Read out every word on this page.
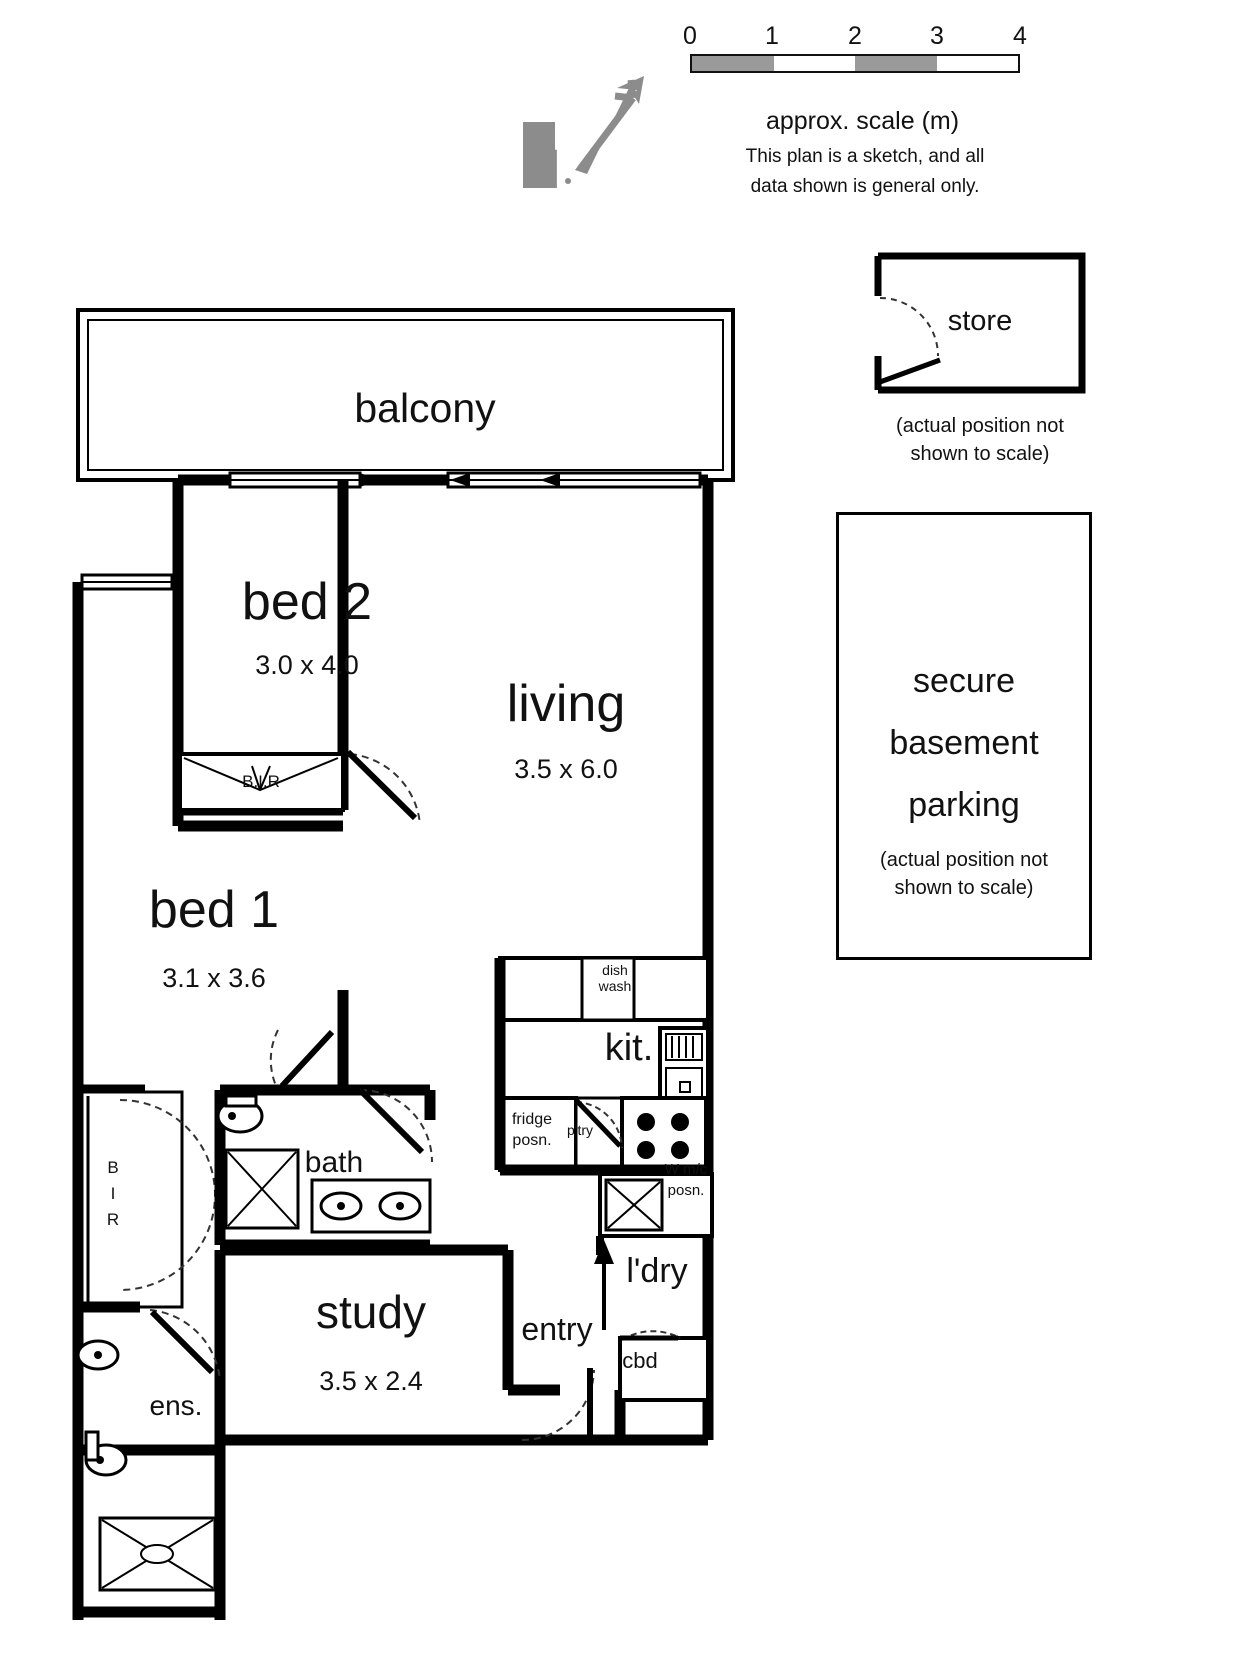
0	1	2	3	4
approx. scale (m)
This plan is a sketch, and all
data shown is general only.
N
store
(actual position not
shown to scale)
secure
basement
parking
(actual position not
shown to scale)
balcony
bed 2
3.0 x 4.0
B.I.R
living
3.5 x 6.0
bed 1
3.1 x 3.6
B
I
R
bath
ens.
study
3.5 x 2.4
kit.
dish
wash
fridge
posn.
p'try
W m/c
posn.
l'dry
entry
cbd
